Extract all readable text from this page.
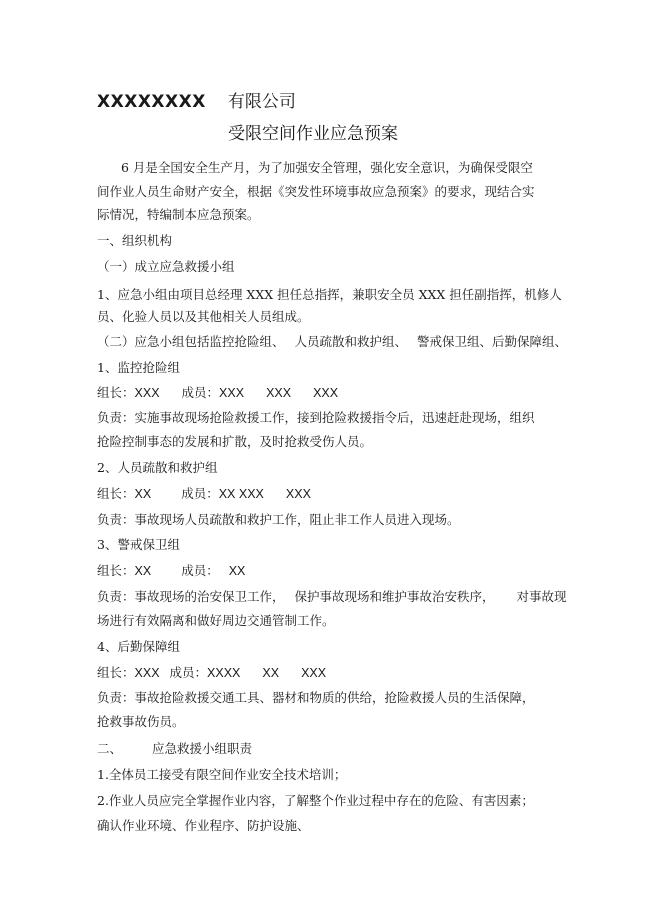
XXXXXXXX 有限公司
受限空间作业应急预案
6 月是全国安全生产月，为了加强安全管理，强化安全意识，为确保受限空
间作业人员生命财产安全，根据《突发性环境事故应急预案》的要求，现结合实
际情况，特编制本应急预案。
一、组织机构
（一）成立应急救援小组
1、应急小组由项目总经理 XXX 担任总指挥，兼职安全员 XXX 担任副指挥，机修人
员、化验人员以及其他相关人员组成。
（二）应急小组包括监控抢险组、 人员疏散和救护组、 警戒保卫组、后勤保障组、
1、监控抢险组
组长：XXX 成员：XXX XXX XXX
负责：实施事故现场抢险救援工作，接到抢险救援指令后，迅速赶赴现场，组织
抢险控制事态的发展和扩散，及时抢救受伤人员。
2、人员疏散和救护组
组长：XX 成员：XX XXX XXX
负责：事故现场人员疏散和救护工作，阻止非工作人员进入现场。
3、警戒保卫组
组长：XX 成员： XX
负责：事故现场的治安保卫工作， 保护事故现场和维护事故治安秩序， 对事故现
场进行有效隔离和做好周边交通管制工作。
4、后勤保障组
组长：XXX 成员：XXXX XX XXX
负责：事故抢险救援交通工具、器材和物质的供给，抢险救援人员的生活保障，
抢救事故伤员。
二、 应急救援小组职责
1.全体员工接受有限空间作业安全技术培训；
2.作业人员应完全掌握作业内容，了解整个作业过程中存在的危险、有害因素；
确认作业环境、作业程序、防护设施、
